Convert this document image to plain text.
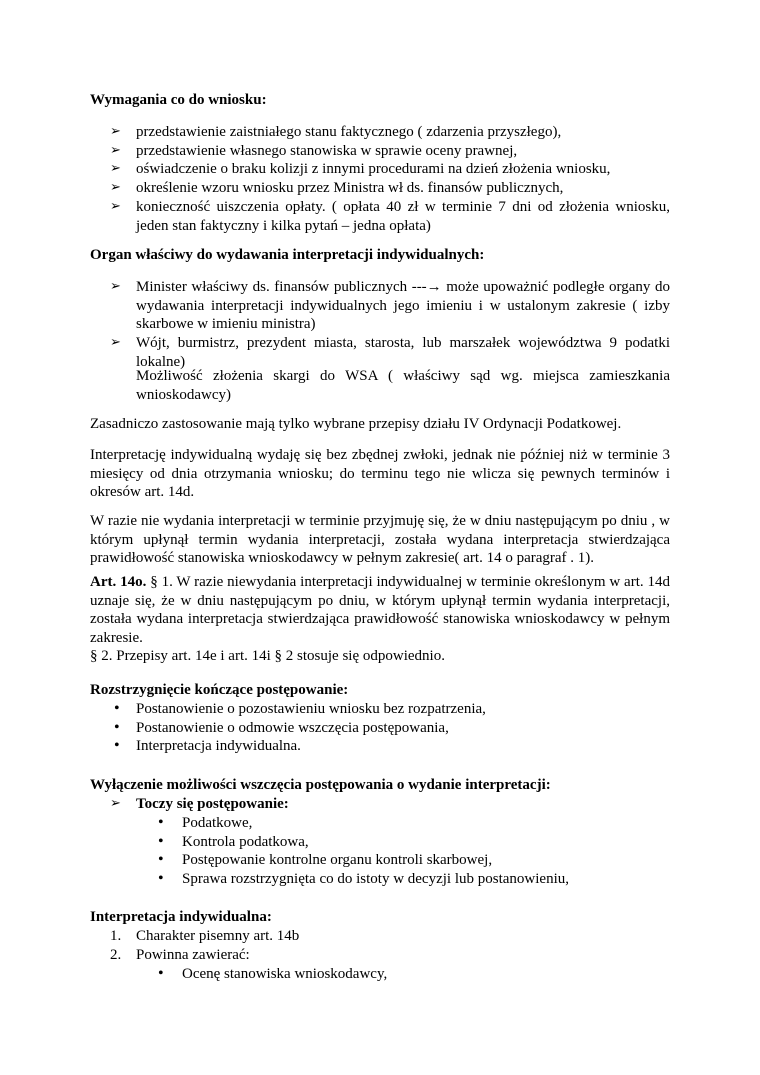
Wymagania co do wniosku:
➢ przedstawienie zaistniałego stanu faktycznego ( zdarzenia przyszłego),
➢ przedstawienie własnego stanowiska w sprawie oceny prawnej,
➢ oświadczenie o braku kolizji z innymi procedurami na dzień złożenia wniosku,
➢ określenie wzoru wniosku przez Ministra wł ds. finansów publicznych,
➢ konieczność uiszczenia opłaty. ( opłata 40 zł w terminie 7 dni od złożenia wniosku, jeden stan faktyczny i kilka pytań – jedna opłata)
Organ właściwy do wydawania interpretacji indywidualnych:
➢ Minister właściwy ds. finansów publicznych ---→ może upoważnić podległe organy do wydawania interpretacji indywidualnych jego imieniu i w ustalonym zakresie ( izby skarbowe w imieniu ministra)
➢ Wójt, burmistrz, prezydent miasta, starosta, lub marszałek województwa 9 podatki lokalne)
Możliwość złożenia skargi do WSA ( właściwy sąd wg. miejsca zamieszkania wnioskodawcy)
Zasadniczo zastosowanie mają tylko wybrane przepisy działu IV Ordynacji Podatkowej.
Interpretację indywidualną wydaję się bez zbędnej zwłoki, jednak nie później niż w terminie 3 miesięcy od dnia otrzymania wniosku; do terminu tego nie wlicza się pewnych terminów i okresów art. 14d.
W razie nie wydania interpretacji w terminie przyjmuję się, że w dniu następującym po dniu , w którym upłynął termin wydania interpretacji, została wydana interpretacja stwierdzająca prawidłowość stanowiska wnioskodawcy w pełnym zakresie( art. 14 o paragraf . 1).
Art. 14o. § 1. W razie niewydania interpretacji indywidualnej w terminie określonym w art. 14d uznaje się, że w dniu następującym po dniu, w którym upłynął termin wydania interpretacji, została wydana interpretacja stwierdzająca prawidłowość stanowiska wnioskodawcy w pełnym zakresie.
§ 2. Przepisy art. 14e i art. 14i § 2 stosuje się odpowiednio.
Rozstrzygnięcie kończące postępowanie:
• Postanowienie o pozostawieniu wniosku bez rozpatrzenia,
• Postanowienie o odmowie wszczęcia postępowania,
• Interpretacja indywidualna.
Wyłączenie możliwości wszczęcia postępowania o wydanie interpretacji:
➢ Toczy się postępowanie:
• Podatkowe,
• Kontrola podatkowa,
• Postępowanie kontrolne organu kontroli skarbowej,
• Sprawa rozstrzygnięta co do istoty w decyzji lub postanowieniu,
Interpretacja indywidualna:
1. Charakter pisemny art. 14b
2. Powinna zawierać:
• Ocenę stanowiska wnioskodawcy,
